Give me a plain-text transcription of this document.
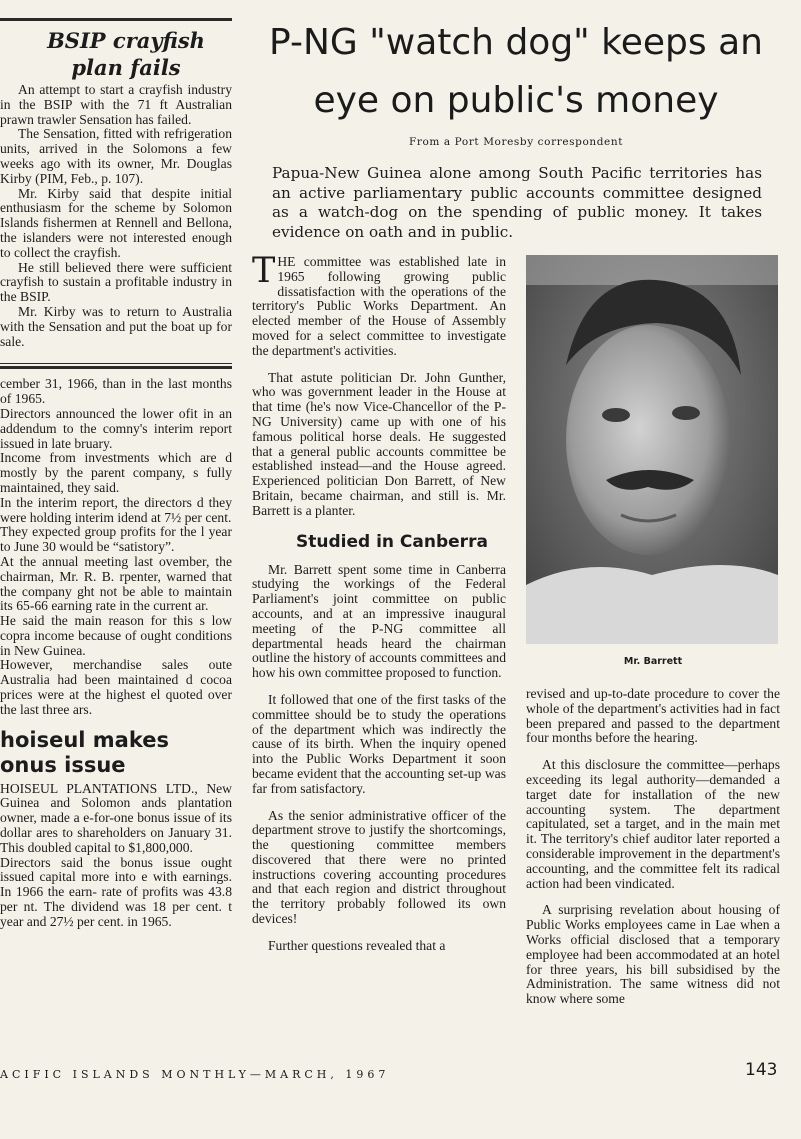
BSIP crayfish
plan fails

An attempt to start a crayfish industry in the BSIP with the 71 ft Australian prawn trawler Sensation has failed.

The Sensation, fitted with refrigeration units, arrived in the Solomons a few weeks ago with its owner, Mr. Douglas Kirby (PIM, Feb., p. 107).

Mr. Kirby said that despite initial enthusiasm for the scheme by Solomon Islands fishermen at Rennell and Bellona, the islanders were not interested enough to collect the crayfish.

He still believed there were sufficient crayfish to sustain a profitable industry in the BSIP.

Mr. Kirby was to return to Australia with the Sensation and put the boat up for sale.

cember 31, 1966, than in the last months of 1965.

Directors announced the lower ofit in an addendum to the comny's interim report issued in late bruary.

Income from investments which are d mostly by the parent company, s fully maintained, they said.

In the interim report, the directors d they were holding interim idend at 7½ per cent.

They expected group profits for the l year to June 30 would be “satistory”.

At the annual meeting last ovember, the chairman, Mr. R. B. rpenter, warned that the company ght not be able to maintain its 65-66 earning rate in the current ar.

He said the main reason for this s low copra income because of ought conditions in New Guinea.

However, merchandise sales oute Australia had been maintained d cocoa prices were at the highest el quoted over the last three ars.

hoiseul makes
onus issue

HOISEUL PLANTATIONS LTD., New Guinea and Solomon ands plantation owner, made a e-for-one bonus issue of its dollar ares to shareholders on January 31. This doubled capital to $1,800,000.

Directors said the bonus issue ought issued capital more into e with earnings. In 1966 the earn- rate of profits was 43.8 per nt. The dividend was 18 per cent. t year and 27½ per cent. in 1965.

P-NG "watch dog" keeps an
eye on public's money
From a Port Moresby correspondent
Papua-New Guinea alone among South Pacific territories has an active parliamentary public accounts committee designed as a watch-dog on the spending of public money. It takes evidence on oath and in public.

THE committee was established late in 1965 following growing public dissatisfaction with the operations of the territory's Public Works Department. An elected member of the House of Assembly moved for a select committee to investigate the department's activities.

That astute politician Dr. John Gunther, who was government leader in the House at that time (he's now Vice-Chancellor of the P-NG University) came up with one of his famous political horse deals. He suggested that a general public accounts committee be established instead—and the House agreed. Experienced politician Don Barrett, of New Britain, became chairman, and still is. Mr. Barrett is a planter.

Studied in Canberra

Mr. Barrett spent some time in Canberra studying the workings of the Federal Parliament's joint committee on public accounts, and at an impressive inaugural meeting of the P-NG committee all departmental heads heard the chairman outline the history of accounts committees and how his own committee proposed to function.

It followed that one of the first tasks of the committee should be to study the operations of the department which was indirectly the cause of its birth. When the inquiry opened into the Public Works Department it soon became evident that the accounting set-up was far from satisfactory.

As the senior administrative officer of the department strove to justify the shortcomings, the questioning committee members discovered that there were no printed instructions covering accounting procedures and that each region and district throughout the territory probably followed its own devices!

Further questions revealed that a

Mr. Barrett

revised and up-to-date procedure to cover the whole of the department's activities had in fact been prepared and passed to the department four months before the hearing.

At this disclosure the committee—perhaps exceeding its legal authority—demanded a target date for installation of the new accounting system. The department capitulated, set a target, and in the main met it. The territory's chief auditor later reported a considerable improvement in the department's accounting, and the committee felt its radical action had been vindicated.

A surprising revelation about housing of Public Works employees came in Lae when a Works official disclosed that a temporary employee had been accommodated at an hotel for three years, his bill subsidised by the Administration. The same witness did not know where some

ACIFIC ISLANDS MONTHLY—MARCH, 1967	143
